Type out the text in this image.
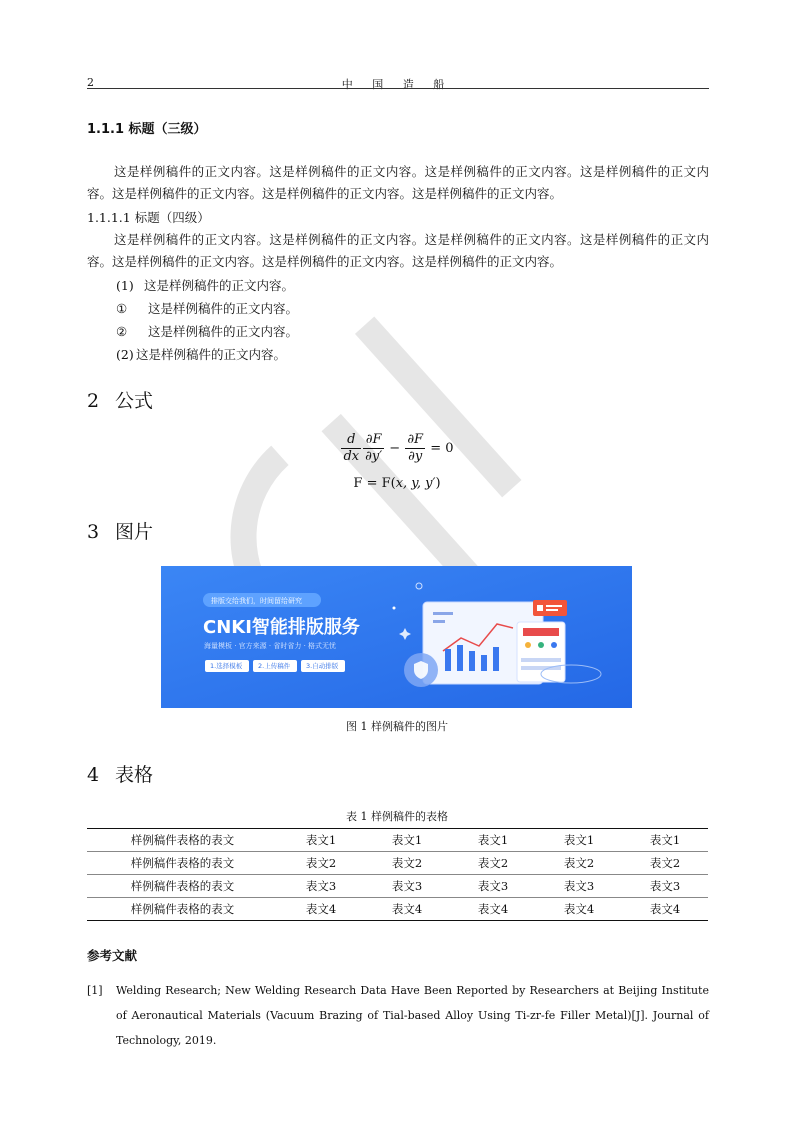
2	中 国 造 船
1.1.1 标题（三级）
这是样例稿件的正文内容。这是样例稿件的正文内容。这是样例稿件的正文内容。这是样例稿件的正文内容。这是样例稿件的正文内容。这是样例稿件的正文内容。这是样例稿件的正文内容。
1.1.1.1 标题（四级）
这是样例稿件的正文内容。这是样例稿件的正文内容。这是样例稿件的正文内容。这是样例稿件的正文内容。这是样例稿件的正文内容。这是样例稿件的正文内容。这是样例稿件的正文内容。
(1) 这是样例稿件的正文内容。
① 这是样例稿件的正文内容。
② 这是样例稿件的正文内容。
(2) 这是样例稿件的正文内容。
2 公式
$\frac{d}{dx} \frac{\partial F}{\partial y'} - \frac{\partial F}{\partial y} = 0$
F = F(x, y, y′)
3 图片
排版交给我们，时间留给研究
CNKI智能排版服务
海量模板 · 官方来源 · 省时省力 · 格式无忧
1.选择模板 2.上传稿件 3.自动排版
图 1 样例稿件的图片
4 表格
表 1 样例稿件的表格
样例稿件表格的表文	表文1	表文1	表文1	表文1	表文1
样例稿件表格的表文	表文2	表文2	表文2	表文2	表文2
样例稿件表格的表文	表文3	表文3	表文3	表文3	表文3
样例稿件表格的表文	表文4	表文4	表文4	表文4	表文4
参考文献
[1] Welding Research; New Welding Research Data Have Been Reported by Researchers at Beijing Institute of Aeronautical Materials (Vacuum Brazing of Tial-based Alloy Using Ti-zr-fe Filler Metal)[J]. Journal of Technology, 2019.
